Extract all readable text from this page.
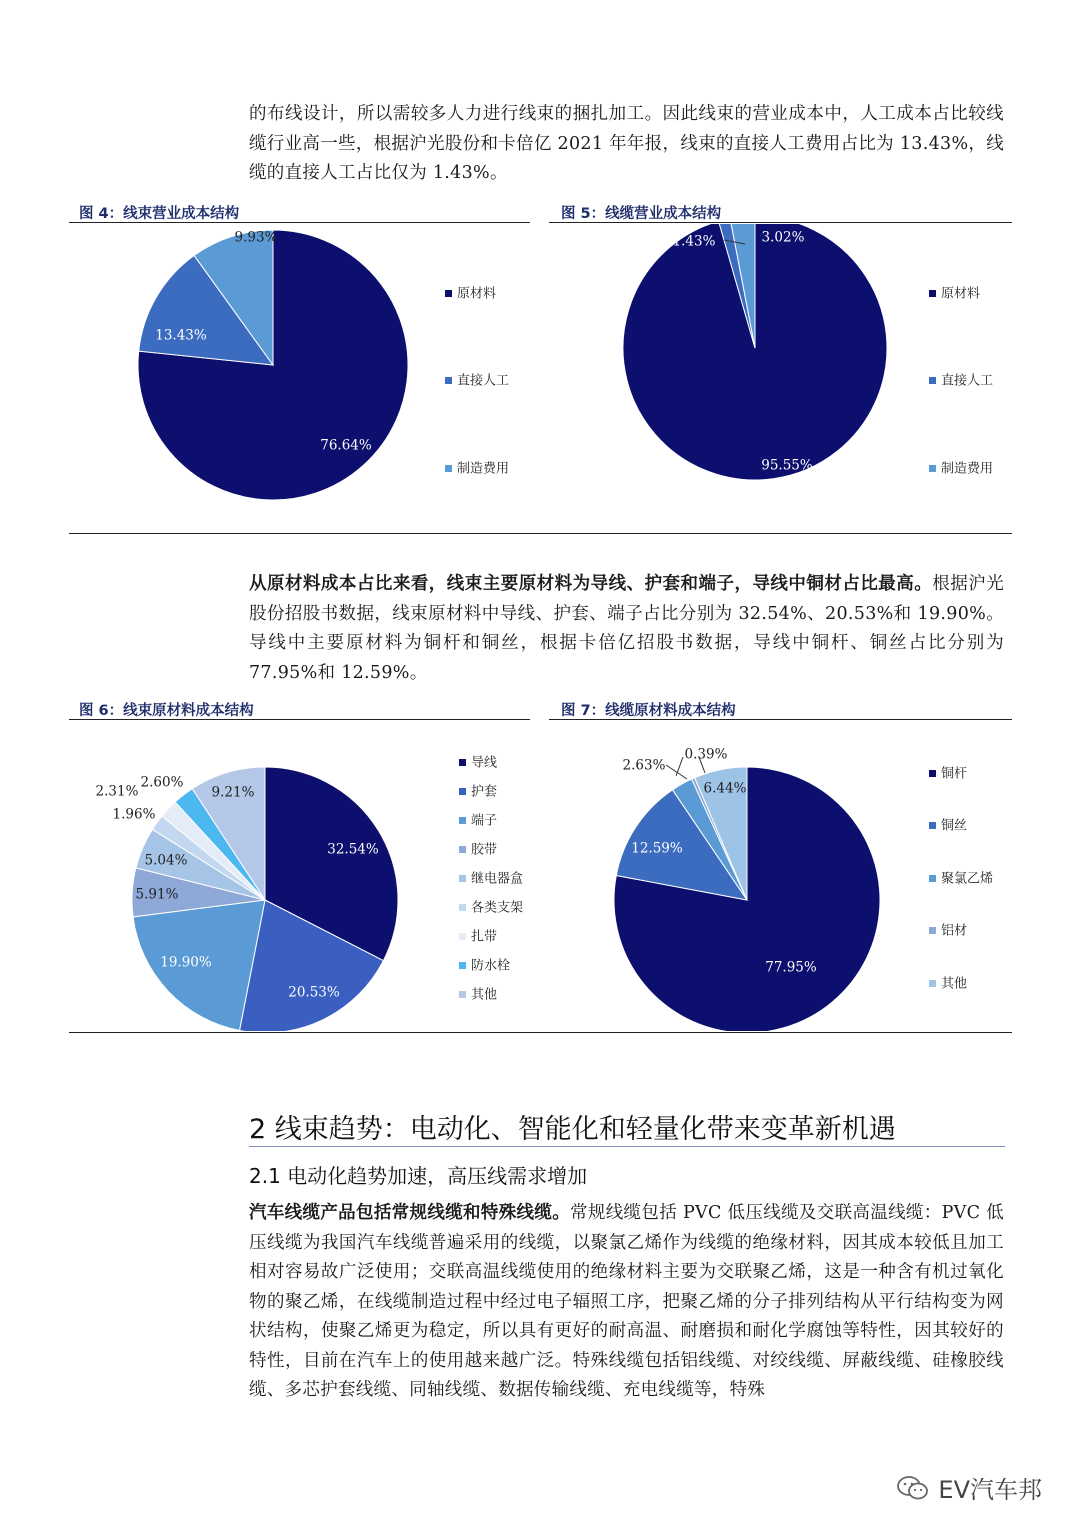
的布线设计，所以需较多人力进行线束的捆扎加工。因此线束的营业成本中，人工成本占比较线缆行业高一些，根据沪光股份和卡倍亿 2021 年年报，线束的直接人工费用占比为 13.43%，线缆的直接人工占比仅为 1.43%。

图 4：线束营业成本结构
76.64%
13.43%
9.93%
原材料
直接人工
制造费用
图 5：线缆营业成本结构
95.55%
1.43%	3.02%
原材料
直接人工
制造费用

从原材料成本占比来看，线束主要原材料为导线、护套和端子，导线中铜材占比最高。根据沪光股份招股书数据，线束原材料中导线、护套、端子占比分别为 32.54%、20.53%和 19.90%。导线中主要原材料为铜杆和铜丝，根据卡倍亿招股书数据，导线中铜杆、铜丝占比分别为 77.95%和 12.59%。

图 6：线束原材料成本结构
32.54%
20.53%
19.90%
5.91%
5.04%
1.96%
2.31%
2.60%
9.21%
导线
护套
端子
胶带
继电器盒
各类支架
扎带
防水栓
其他
图 7：线缆原材料成本结构
77.95%
12.59%
2.63%
0.39%
6.44%
铜杆
铜丝
聚氯乙烯
铝材
其他
2 线束趋势：电动化、智能化和轻量化带来变革新机遇
2.1 电动化趋势加速，高压线需求增加

汽车线缆产品包括常规线缆和特殊线缆。常规线缆包括 PVC 低压线缆及交联高温线缆：PVC 低压线缆为我国汽车线缆普遍采用的线缆，以聚氯乙烯作为线缆的绝缘材料，因其成本较低且加工相对容易故广泛使用；交联高温线缆使用的绝缘材料主要为交联聚乙烯，这是一种含有机过氧化物的聚乙烯，在线缆制造过程中经过电子辐照工序，把聚乙烯的分子排列结构从平行结构变为网状结构，使聚乙烯更为稳定，所以具有更好的耐高温、耐磨损和耐化学腐蚀等特性，因其较好的特性，目前在汽车上的使用越来越广泛。特殊线缆包括铝线缆、对绞线缆、屏蔽线缆、硅橡胶线缆、多芯护套线缆、同轴线缆、数据传输线缆、充电线缆等，特殊

EV汽车邦
